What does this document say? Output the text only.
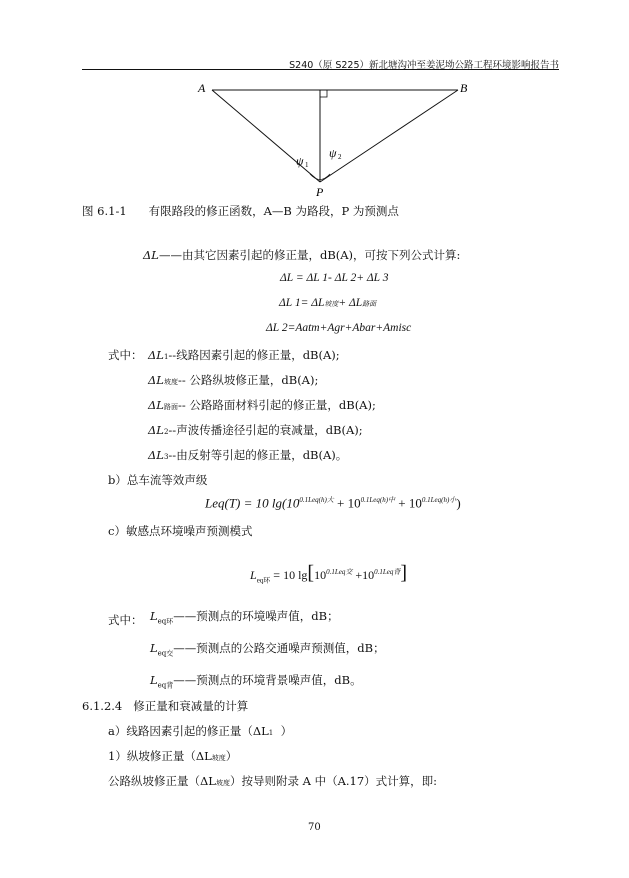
S240（原 S225）新北塘沟冲至姜泥坳公路工程环境影响报告书
A	B
P
ψ 1
ψ 2
图 6.1-1      有限路段的修正函数，A—B 为路段，P 为预测点
ΔL——由其它因素引起的修正量，dB(A)，可按下列公式计算:
ΔL = ΔL 1- ΔL 2+ ΔL 3
ΔL 1= ΔL坡度+ ΔL路面
ΔL 2=Aatm+Agr+Abar+Amisc
式中： ΔL1--线路因素引起的修正量，dB(A);
ΔL坡度-- 公路纵坡修正量，dB(A);
ΔL路面-- 公路路面材料引起的修正量，dB(A);
ΔL2--声波传播途径引起的衰减量，dB(A);
ΔL3--由反射等引起的修正量，dB(A)。
b）总车流等效声级
Leq(T) = 10 $\lg(10^{0.1Leq(h)大} + 10^{0.1Leq(h)中} + 10^{0.1Leq(h)小})$
c）敏感点环境噪声预测模式
$L_{eq环} = 10$ $\lg[10^{0.1Leq交} +10^{0.1Leq背}]$
式中： $L_{eq环}——$预测点的环境噪声值，dB；
$L_{eq交}——$预测点的公路交通噪声预测值，dB；
$L_{eq背}——$预测点的环境背景噪声值，dB。
6.1.2.4   修正量和衰减量的计算
a）线路因素引起的修正量（ΔL1  ）
1）纵坡修正量（ΔL坡度）
公路纵坡修正量（ΔL坡度）按导则附录 A 中（A.17）式计算，即:
70
